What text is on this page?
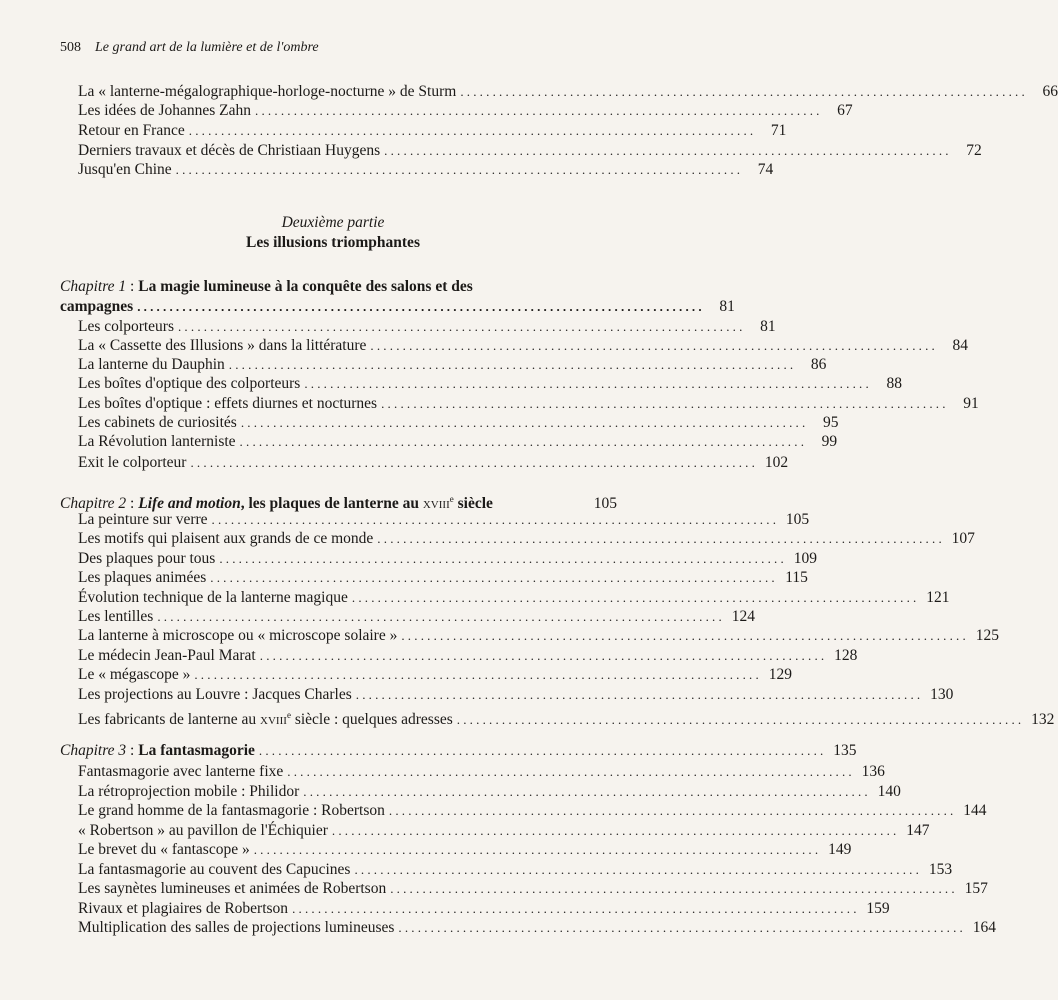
508 Le grand art de la lumière et de l'ombre
La « lanterne-mégalographique-horloge-nocturne » de Sturm ........................................................................................ 66
Les idées de Johannes Zahn ........................................................................................ 67
Retour en France ........................................................................................ 71
Derniers travaux et décès de Christiaan Huygens ........................................................................................ 72
Jusqu'en Chine ........................................................................................ 74
Deuxième partie
Les illusions triomphantes
Chapitre 1 : La magie lumineuse à la conquête des salons et des
campagnes ........................................................................................ 81
Les colporteurs ........................................................................................ 81
La « Cassette des Illusions » dans la littérature ........................................................................................ 84
La lanterne du Dauphin ........................................................................................ 86
Les boîtes d'optique des colporteurs ........................................................................................ 88
Les boîtes d'optique : effets diurnes et nocturnes ........................................................................................ 91
Les cabinets de curiosités ........................................................................................ 95
La Révolution lanterniste ........................................................................................ 99
Exit le colporteur ........................................................................................ 102
Chapitre 2 : Life and motion, les plaques de lanterne au xviii$^e$ siècle	105
La peinture sur verre ........................................................................................ 105
Les motifs qui plaisent aux grands de ce monde ........................................................................................ 107
Des plaques pour tous ........................................................................................ 109
Les plaques animées ........................................................................................ 115
Évolution technique de la lanterne magique ........................................................................................ 121
Les lentilles ........................................................................................ 124
La lanterne à microscope ou « microscope solaire » ........................................................................................ 125
Le médecin Jean-Paul Marat ........................................................................................ 128
Le « mégascope » ........................................................................................ 129
Les projections au Louvre : Jacques Charles ........................................................................................ 130
Les fabricants de lanterne au xviii$^e$ siècle : quelques adresses ........................................................................................ 132
Chapitre 3 : La fantasmagorie ........................................................................................ 135
Fantasmagorie avec lanterne fixe ........................................................................................ 136
La rétroprojection mobile : Philidor ........................................................................................ 140
Le grand homme de la fantasmagorie : Robertson ........................................................................................ 144
« Robertson » au pavillon de l'Échiquier ........................................................................................ 147
Le brevet du « fantascope » ........................................................................................ 149
La fantasmagorie au couvent des Capucines ........................................................................................ 153
Les saynètes lumineuses et animées de Robertson ........................................................................................ 157
Rivaux et plagiaires de Robertson ........................................................................................ 159
Multiplication des salles de projections lumineuses ........................................................................................ 164
